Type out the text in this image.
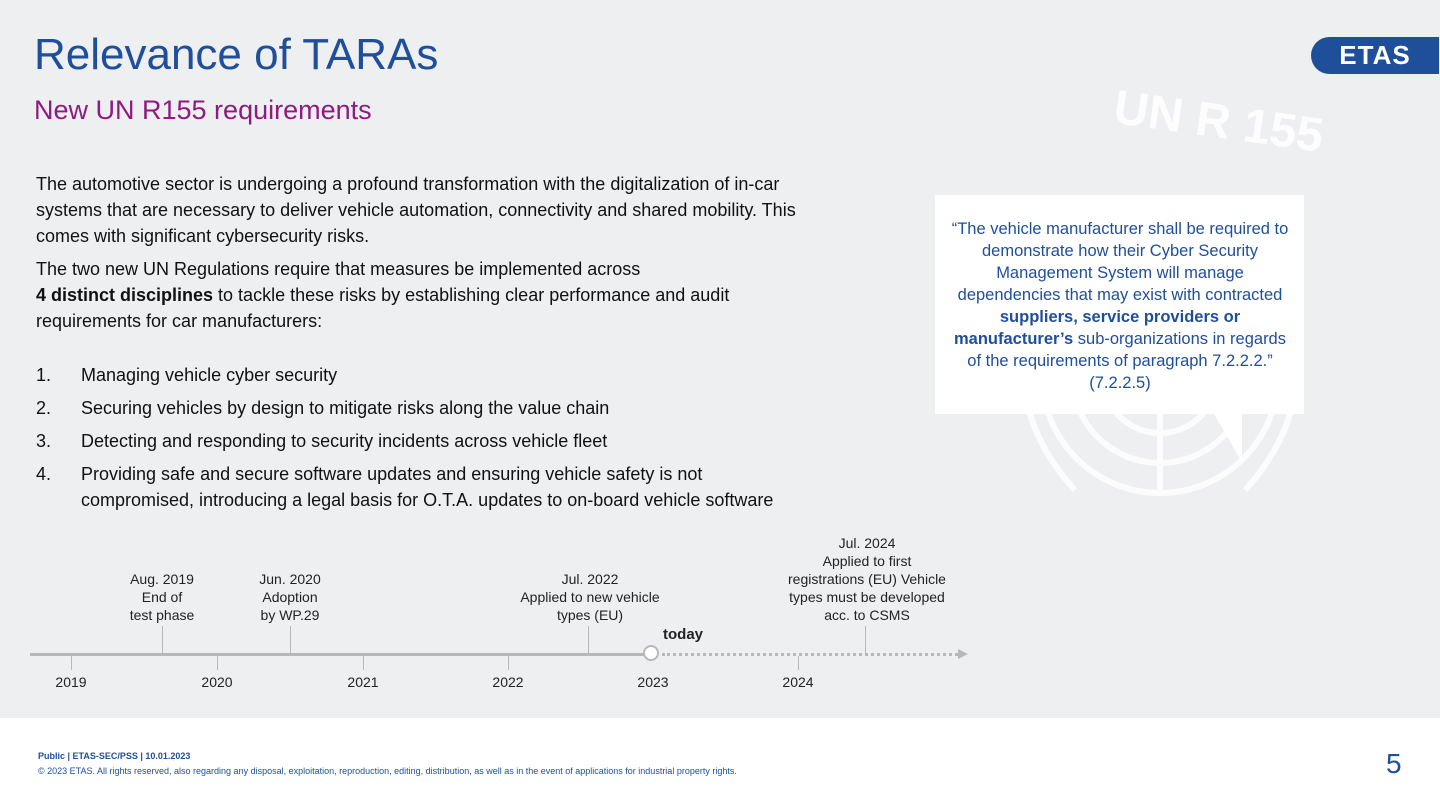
UN R 155
Relevance of TARAs
New UN R155 requirements
ETAS
The automotive sector is undergoing a profound transformation with the digitalization of in-car systems that are necessary to deliver vehicle automation, connectivity and shared mobility. This comes with significant cybersecurity risks.
The two new UN Regulations require that measures be implemented across
4 distinct disciplines to tackle these risks by establishing clear performance and audit requirements for car manufacturers:
1. Managing vehicle cyber security
2. Securing vehicles by design to mitigate risks along the value chain
3. Detecting and responding to security incidents across vehicle fleet
4. Providing safe and secure software updates and ensuring vehicle safety is not compromised, introducing a legal basis for O.T.A. updates to on-board vehicle software
“The vehicle manufacturer shall be required to demonstrate how their Cyber Security Management System will manage dependencies that may exist with contracted suppliers, service providers or manufacturer’s sub-organizations in regards of the requirements of paragraph 7.2.2.2.” (7.2.2.5)
2019	2020	2021	2022	2023	2024
Aug. 2019
End of
test phase
Jun. 2020
Adoption
by WP.29
Jul. 2022
Applied to new vehicle
types (EU)
Jul. 2024
Applied to first
registrations (EU) Vehicle
types must be developed
acc. to CSMS
today
Public | ETAS-SEC/PSS | 10.01.2023
© 2023 ETAS. All rights reserved, also regarding any disposal, exploitation, reproduction, editing, distribution, as well as in the event of applications for industrial property rights.	5
